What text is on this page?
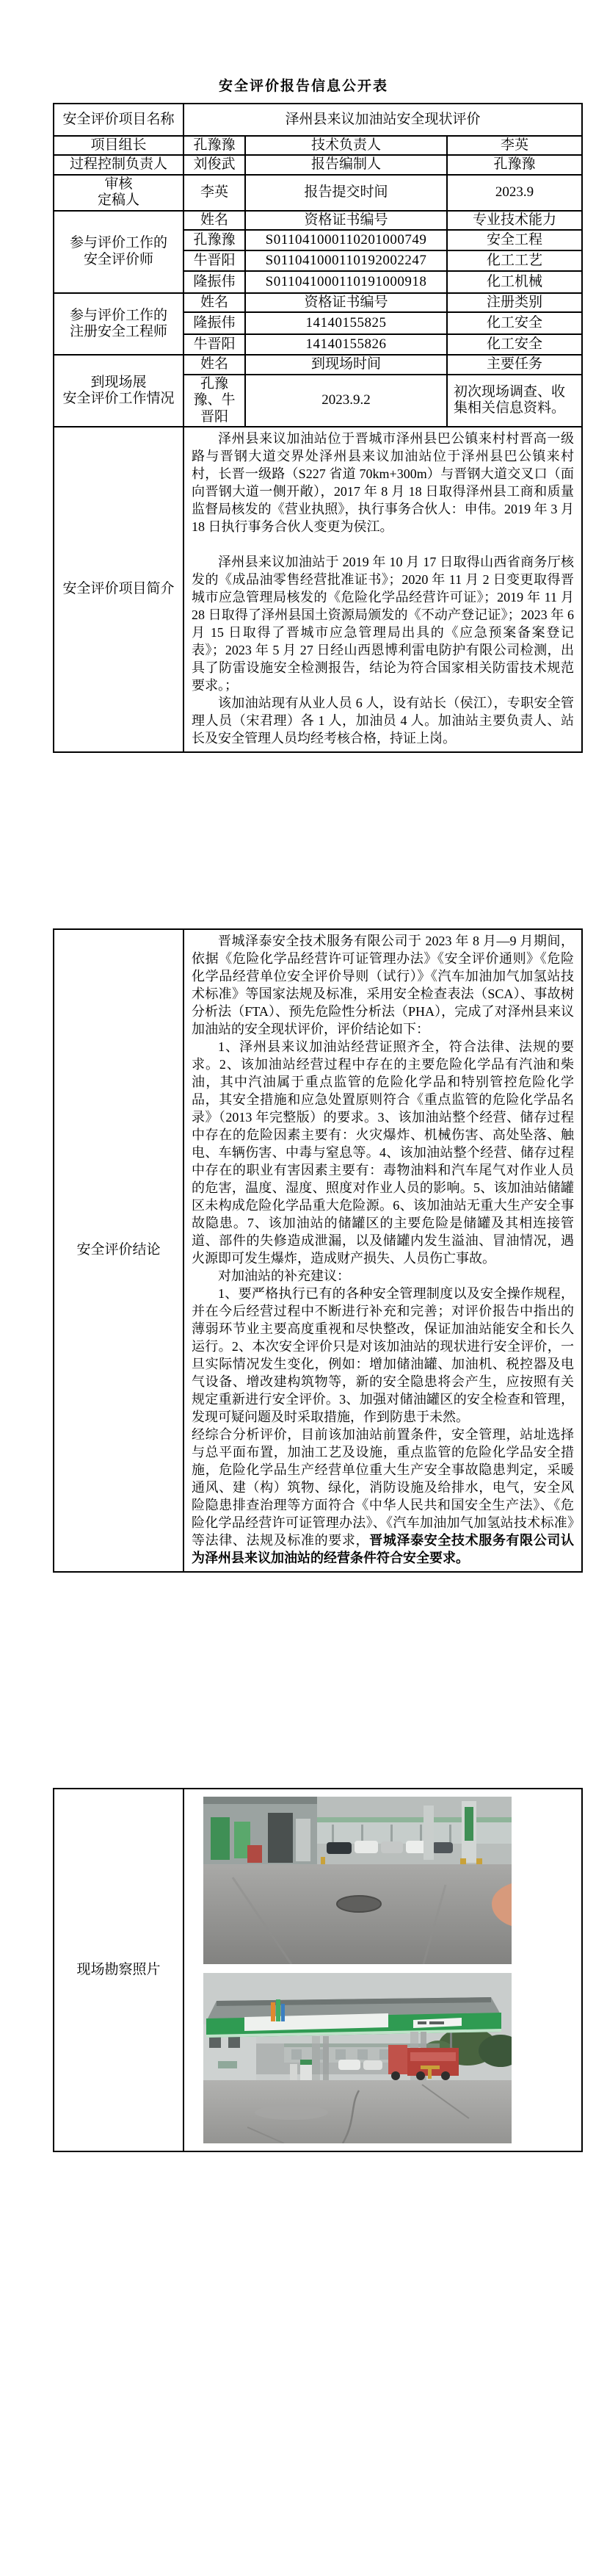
安全评价报告信息公开表
安全评价项目名称	泽州县来议加油站安全现状评价		
项目组长	孔豫豫	技术负责人	李英
过程控制负责人	刘俊武	报告编制人	孔豫豫

审核
定稿人	李英	报告提交时间	2023.9

参与评价工作的
安全评价师	姓名	资格证书编号	专业技术能力
	孔豫豫	S011041000110201000749	安全工程
	牛晋阳	S011041000110192002247	化工工艺
	隆振伟	S011041000110191000918	化工机械

参与评价工作的
注册安全工程师	姓名	资格证书编号	注册类别
	隆振伟	14140155825	化工安全
	牛晋阳	14140155826	化工安全

到现场展
安全评价工作情况	姓名	到现场时间	主要任务
	孔豫豫、牛晋阳	2023.9.2	初次现场调查、收集相关信息资料。
安全评价项目简介	泽州县来议加油站位于晋城市泽州县巴公镇来村村晋高一级路与晋钢大道交界处泽州县来议加油站位于泽州县巴公镇来村村，长晋一级路（S227 省道 70km+300m）与晋钢大道交叉口（面向晋钢大道一侧开敞），2017 年 8 月 18 日取得泽州县工商和质量监督局核发的《营业执照》，执行事务合伙人：申伟。2019 年 3 月 18 日执行事务合伙人变更为侯江。

泽州县来议加油站于 2019 年 10 月 17 日取得山西省商务厅核发的《成品油零售经营批准证书》；2020 年 11 月 2 日变更取得晋城市应急管理局核发的《危险化学品经营许可证》；2019 年 11 月 28 日取得了泽州县国土资源局颁发的《不动产登记证》；2023 年 6 月 15 日取得了晋城市应急管理局出具的《应急预案备案登记表》；2023 年 5 月 27 日经山西恩博利雷电防护有限公司检测，出具了防雷设施安全检测报告，结论为符合国家相关防雷技术规范要求。；

该加油站现有从业人员 6 人，设有站长（侯江），专职安全管理人员（宋君理）各 1 人，加油员 4 人。加油站主要负责人、站长及安全管理人员均经考核合格，持证上岗。		

安全评价结论	

晋城泽泰安全技术服务有限公司于 2023 年 8 月—9 月期间，依据《危险化学品经营许可证管理办法》《安全评价通则》《危险化学品经营单位安全评价导则（试行）》《汽车加油加气加氢站技术标准》等国家法规及标准，采用安全检查表法（SCA）、事故树分析法（FTA）、预先危险性分析法（PHA），完成了对泽州县来议加油站的安全现状评价，评价结论如下：

1、泽州县来议加油站经营证照齐全，符合法律、法规的要求。2、该加油站经营过程中存在的主要危险化学品有汽油和柴油，其中汽油属于重点监管的危险化学品和特别管控危险化学品，其安全措施和应急处置原则符合《重点监管的危险化学品名录》（2013 年完整版）的要求。3、该加油站整个经营、储存过程中存在的危险因素主要有：火灾爆炸、机械伤害、高处坠落、触电、车辆伤害、中毒与窒息等。4、该加油站整个经营、储存过程中存在的职业有害因素主要有：毒物油料和汽车尾气对作业人员的危害，温度、湿度、照度对作业人员的影响。5、该加油站储罐区未构成危险化学品重大危险源。6、该加油站无重大生产安全事故隐患。7、该加油站的储罐区的主要危险是储罐及其相连接管道、部件的失修造成泄漏，以及储罐内发生溢油、冒油情况，遇火源即可发生爆炸，造成财产损失、人员伤亡事故。

对加油站的补充建议：

1、要严格执行已有的各种安全管理制度以及安全操作规程，并在今后经营过程中不断进行补充和完善；对评价报告中指出的薄弱环节业主要高度重视和尽快整改，保证加油站能安全和长久运行。2、本次安全评价只是对该加油站的现状进行安全评价，一旦实际情况发生变化，例如：增加储油罐、加油机、税控器及电气设备、增改建构筑物等，新的安全隐患将会产生，应按照有关规定重新进行安全评价。3、加强对储油罐区的安全检查和管理，发现可疑问题及时采取措施，作到防患于未然。

经综合分析评价，目前该加油站前置条件，安全管理，站址选择与总平面布置，加油工艺及设施，重点监管的危险化学品安全措施，危险化学品生产经营单位重大生产安全事故隐患判定，采暖通风、建（构）筑物、绿化，消防设施及给排水，电气，安全风险隐患排查治理等方面符合《中华人民共和国安全生产法》、《危险化学品经营许可证管理办法》、《汽车加油加气加氢站技术标准》等法律、法规及标准的要求，晋城泽泰安全技术服务有限公司认为泽州县来议加油站的经营条件符合安全要求。

现场勘察照片	
